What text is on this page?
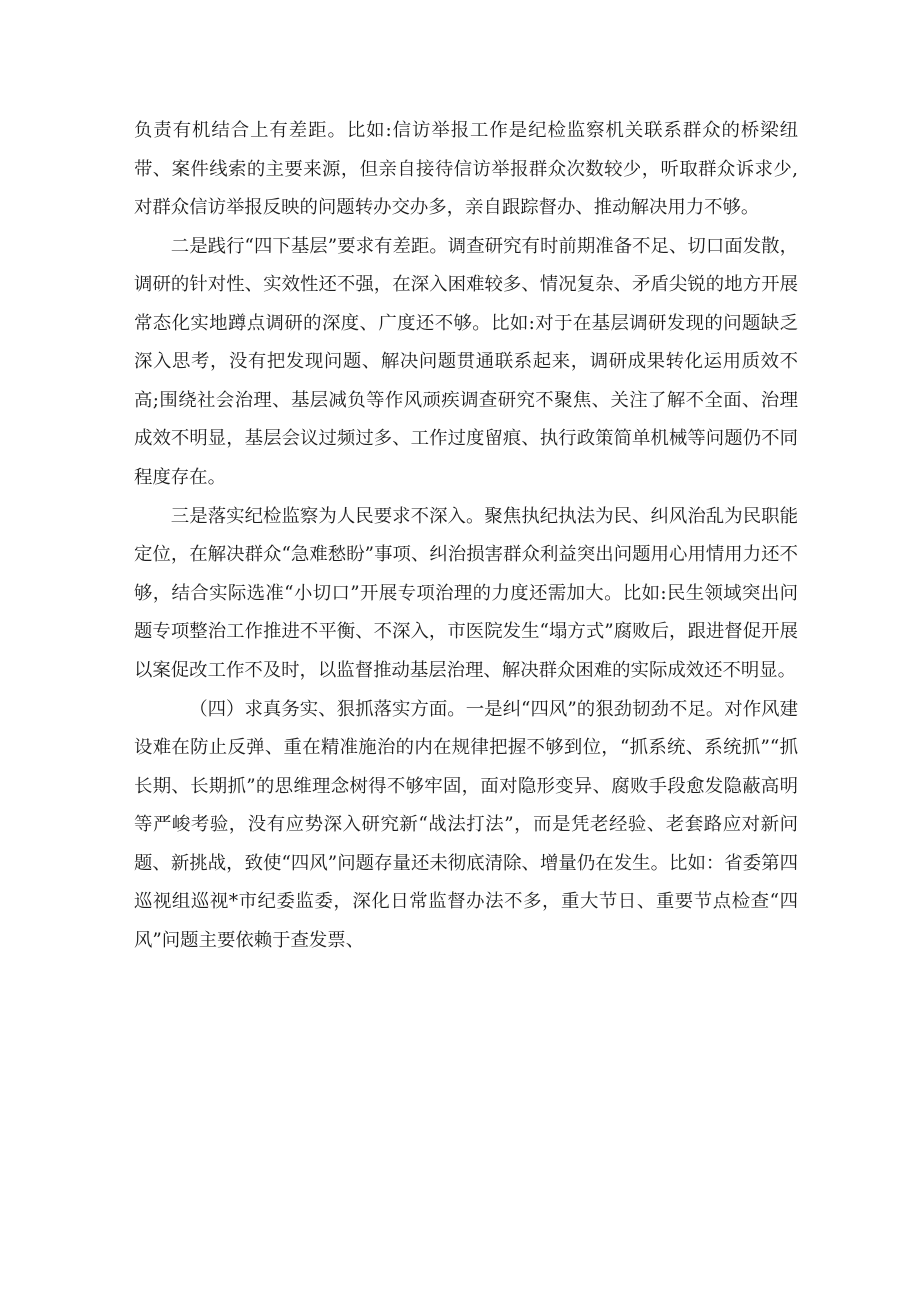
负责有机结合上有差距。比如:信访举报工作是纪检监察机关联系群众的桥梁纽带、案件线索的主要来源，但亲自接待信访举报群众次数较少，听取群众诉求少,对群众信访举报反映的问题转办交办多，亲自跟踪督办、推动解决用力不够。

二是践行“四下基层”要求有差距。调查研究有时前期准备不足、切口面发散，调研的针对性、实效性还不强，在深入困难较多、情况复杂、矛盾尖锐的地方开展常态化实地蹲点调研的深度、广度还不够。比如:对于在基层调研发现的问题缺乏深入思考，没有把发现问题、解决问题贯通联系起来，调研成果转化运用质效不高;围绕社会治理、基层减负等作风顽疾调查研究不聚焦、关注了解不全面、治理成效不明显，基层会议过频过多、工作过度留痕、执行政策简单机械等问题仍不同程度存在。

三是落实纪检监察为人民要求不深入。聚焦执纪执法为民、纠风治乱为民职能定位，在解决群众“急难愁盼”事项、纠治损害群众利益突出问题用心用情用力还不够，结合实际选准“小切口”开展专项治理的力度还需加大。比如:民生领域突出问题专项整治工作推进不平衡、不深入，市医院发生“塌方式”腐败后，跟进督促开展以案促改工作不及时，以监督推动基层治理、解决群众困难的实际成效还不明显。

（四）求真务实、狠抓落实方面。一是纠“四风”的狠劲韧劲不足。对作风建设难在防止反弹、重在精准施治的内在规律把握不够到位，“抓系统、系统抓”“抓长期、长期抓”的思维理念树得不够牢固，面对隐形变异、腐败手段愈发隐蔽高明等严峻考验，没有应势深入研究新“战法打法”，而是凭老经验、老套路应对新问题、新挑战，致使“四风”问题存量还未彻底清除、增量仍在发生。比如：省委第四巡视组巡视*市纪委监委，深化日常监督办法不多，重大节日、重要节点检查“四风”问题主要依赖于查发票、
